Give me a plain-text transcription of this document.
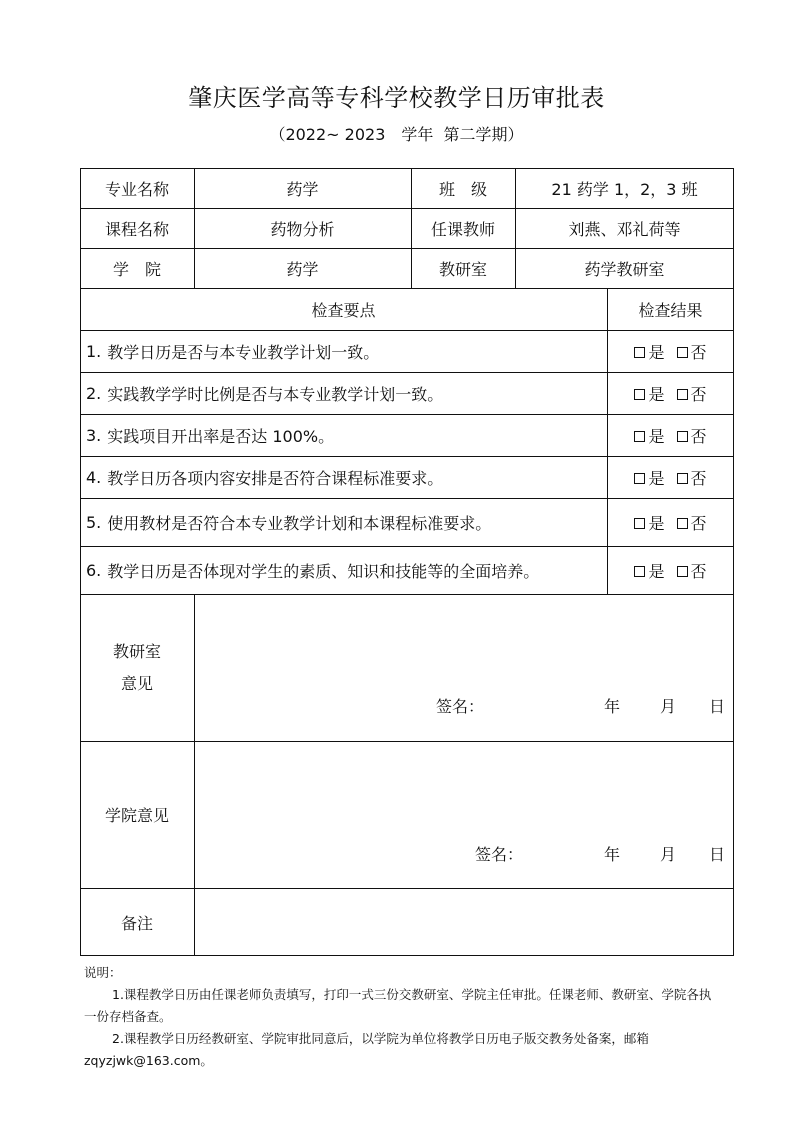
肇庆医学高等专科学校教学日历审批表
（2022~ 2023　学年  第二学期）
专业名称	药学	班　级	21 药学 1，2，3 班
课程名称	药物分析	任课教师	刘燕、邓礼荷等
学　院	药学	教研室	药学教研室
检查要点	检查结果
1. 教学日历是否与本专业教学计划一致。	是 否
2. 实践教学学时比例是否与本专业教学计划一致。	是 否
3. 实践项目开出率是否达 100%。	是 否
4. 教学日历各项内容安排是否符合课程标准要求。	是 否
5. 使用教材是否符合本专业教学计划和本课程标准要求。	是 否
6. 教学日历是否体现对学生的素质、知识和技能等的全面培养。	是 否
教研室
意见
签名：	年 月 日
学院意见
签名：	年 月 日
备注
说明：
1.课程教学日历由任课老师负责填写，打印一式三份交教研室、学院主任审批。任课老师、教研室、学院各执一份存档备查。
2.课程教学日历经教研室、学院审批同意后，以学院为单位将教学日历电子版交教务处备案，邮箱 zqyzjwk@163.com。
